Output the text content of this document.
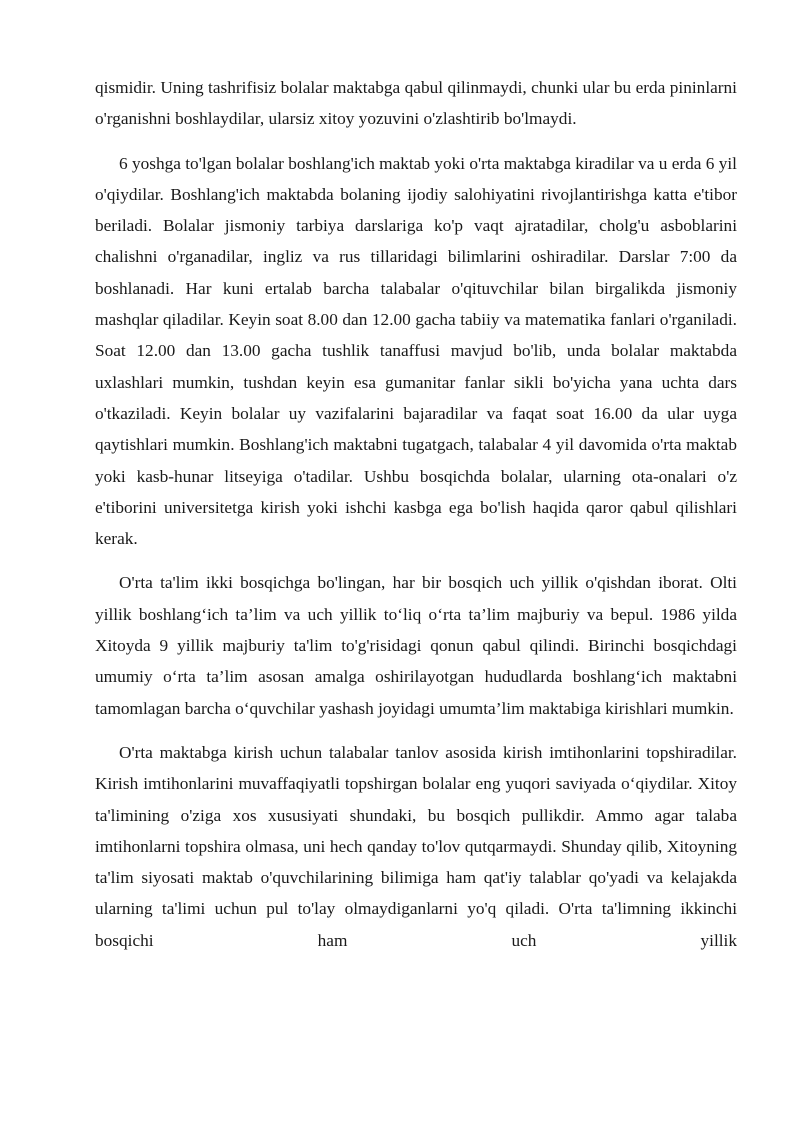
qismidir. Uning tashrifisiz bolalar maktabga qabul qilinmaydi, chunki ular bu erda pininlarni o'rganishni boshlaydilar, ularsiz xitoy yozuvini o'zlashtirib bo'lmaydi.

6 yoshga to'lgan bolalar boshlang'ich maktab yoki o'rta maktabga kiradilar va u erda 6 yil o'qiydilar. Boshlang'ich maktabda bolaning ijodiy salohiyatini rivojlantirishga katta e'tibor beriladi. Bolalar jismoniy tarbiya darslariga ko'p vaqt ajratadilar, cholg'u asboblarini chalishni o'rganadilar, ingliz va rus tillaridagi bilimlarini oshiradilar. Darslar 7:00 da boshlanadi. Har kuni ertalab barcha talabalar o'qituvchilar bilan birgalikda jismoniy mashqlar qiladilar. Keyin soat 8.00 dan 12.00 gacha tabiiy va matematika fanlari o'rganiladi. Soat 12.00 dan 13.00 gacha tushlik tanaffusi mavjud bo'lib, unda bolalar maktabda uxlashlari mumkin, tushdan keyin esa gumanitar fanlar sikli bo'yicha yana uchta dars o'tkaziladi. Keyin bolalar uy vazifalarini bajaradilar va faqat soat 16.00 da ular uyga qaytishlari mumkin. Boshlang'ich maktabni tugatgach, talabalar 4 yil davomida o'rta maktab yoki kasb-hunar litseyiga o'tadilar. Ushbu bosqichda bolalar, ularning ota-onalari o'z e'tiborini universitetga kirish yoki ishchi kasbga ega bo'lish haqida qaror qabul qilishlari kerak.

O'rta ta'lim ikki bosqichga bo'lingan, har bir bosqich uch yillik o'qishdan iborat. Olti yillik boshlang‘ich ta’lim va uch yillik to‘liq o‘rta ta’lim majburiy va bepul. 1986 yilda Xitoyda 9 yillik majburiy ta'lim to'g'risidagi qonun qabul qilindi. Birinchi bosqichdagi umumiy o‘rta ta’lim asosan amalga oshirilayotgan hududlarda boshlang‘ich maktabni tamomlagan barcha o‘quvchilar yashash joyidagi umumta’lim maktabiga kirishlari mumkin.

O'rta maktabga kirish uchun talabalar tanlov asosida kirish imtihonlarini topshiradilar. Kirish imtihonlarini muvaffaqiyatli topshirgan bolalar eng yuqori saviyada o‘qiydilar. Xitoy ta'limining o'ziga xos xususiyati shundaki, bu bosqich pullikdir. Ammo agar talaba imtihonlarni topshira olmasa, uni hech qanday to'lov qutqarmaydi. Shunday qilib, Xitoyning ta'lim siyosati maktab o'quvchilarining bilimiga ham qat'iy talablar qo'yadi va kelajakda ularning ta'limi uchun pul to'lay olmaydiganlarni yo'q qiladi. O'rta ta'limning ikkinchi bosqichi ham uch yillik
